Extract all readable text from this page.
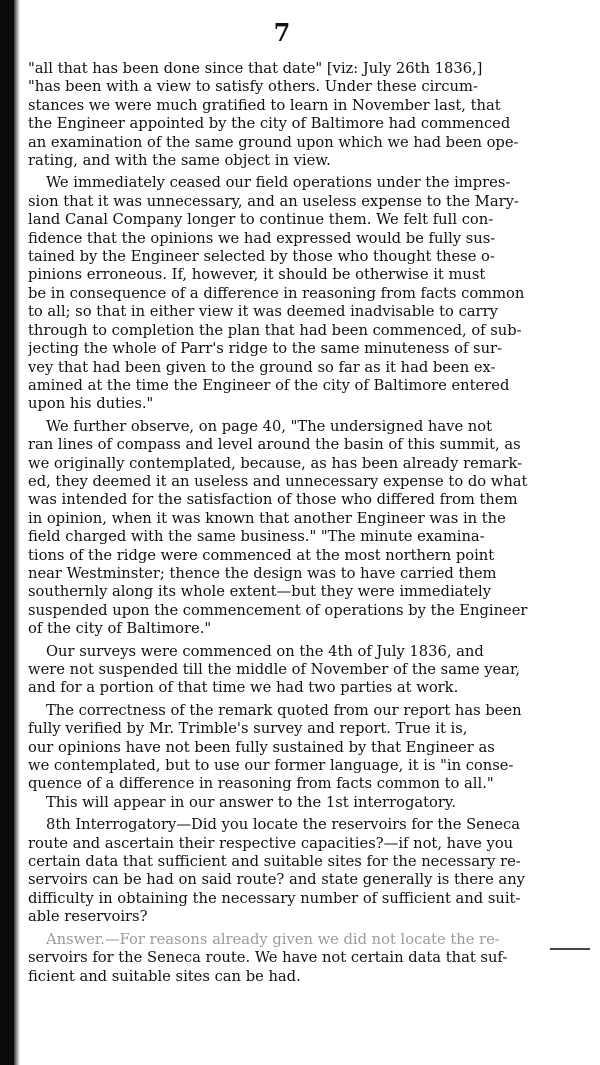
7

"all that has been done since that date" [viz: July 26th 1836,]
"has been with a view to satisfy others. Under these circum-
stances we were much gratified to learn in November last, that
the Engineer appointed by the city of Baltimore had commenced
an examination of the same ground upon which we had been ope-
rating, and with the same object in view.

We immediately ceased our field operations under the impres-
sion that it was unnecessary, and an useless expense to the Mary-
land Canal Company longer to continue them. We felt full con-
fidence that the opinions we had expressed would be fully sus-
tained by the Engineer selected by those who thought these o-
pinions erroneous. If, however, it should be otherwise it must
be in consequence of a difference in reasoning from facts common
to all; so that in either view it was deemed inadvisable to carry
through to completion the plan that had been commenced, of sub-
jecting the whole of Parr's ridge to the same minuteness of sur-
vey that had been given to the ground so far as it had been ex-
amined at the time the Engineer of the city of Baltimore entered
upon his duties."

We further observe, on page 40, "The undersigned have not
ran lines of compass and level around the basin of this summit, as
we originally contemplated, because, as has been already remark-
ed, they deemed it an useless and unnecessary expense to do what
was intended for the satisfaction of those who differed from them
in opinion, when it was known that another Engineer was in the
field charged with the same business." "The minute examina-
tions of the ridge were commenced at the most northern point
near Westminster; thence the design was to have carried them
southernly along its whole extent—but they were immediately
suspended upon the commencement of operations by the Engineer
of the city of Baltimore."

Our surveys were commenced on the 4th of July 1836, and
were not suspended till the middle of November of the same year,
and for a portion of that time we had two parties at work.

The correctness of the remark quoted from our report has been
fully verified by Mr. Trimble's survey and report. True it is,
our opinions have not been fully sustained by that Engineer as
we contemplated, but to use our former language, it is "in conse-
quence of a difference in reasoning from facts common to all."
This will appear in our answer to the 1st interrogatory.

8th Interrogatory—Did you locate the reservoirs for the Seneca
route and ascertain their respective capacities?—if not, have you
certain data that sufficient and suitable sites for the necessary re-
servoirs can be had on said route? and state generally is there any
difficulty in obtaining the necessary number of sufficient and suit-
able reservoirs?

Answer.—For reasons already given we did not locate the re-
servoirs for the Seneca route. We have not certain data that suf-
ficient and suitable sites can be had.
